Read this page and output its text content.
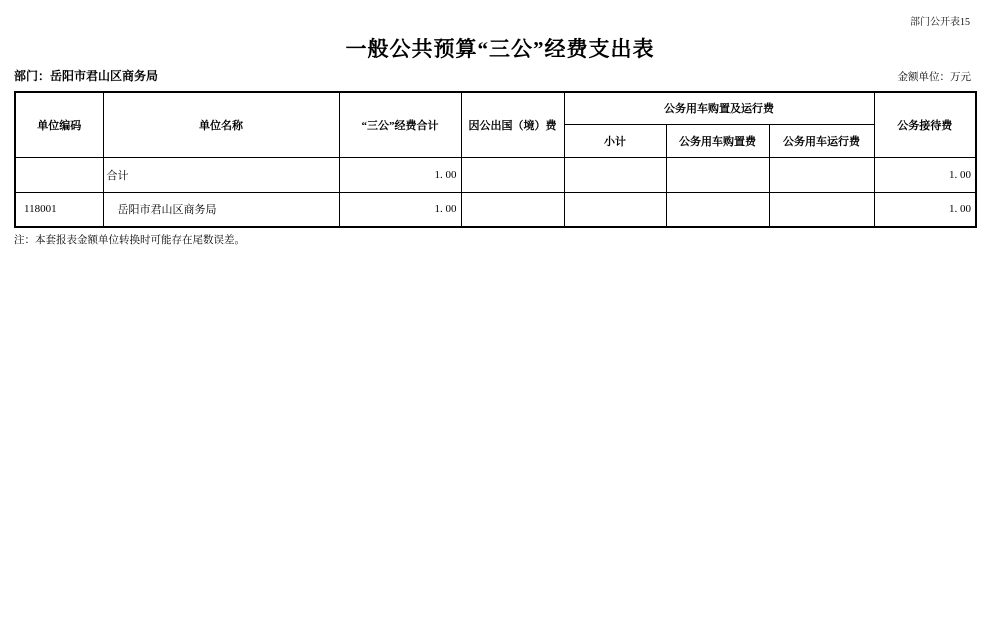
部门公开表15
一般公共预算“三公”经费支出表
部门：岳阳市君山区商务局	金额单位：万元
单位编码	单位名称	“三公”经费合计	因公出国（境）费	公务用车购置及运行费			公务接待费
				小计	公务用车购置费	公务用车运行费	
	合计	1. 00					1. 00
118001	岳阳市君山区商务局	1. 00					1. 00
注：本套报表金额单位转换时可能存在尾数误差。
